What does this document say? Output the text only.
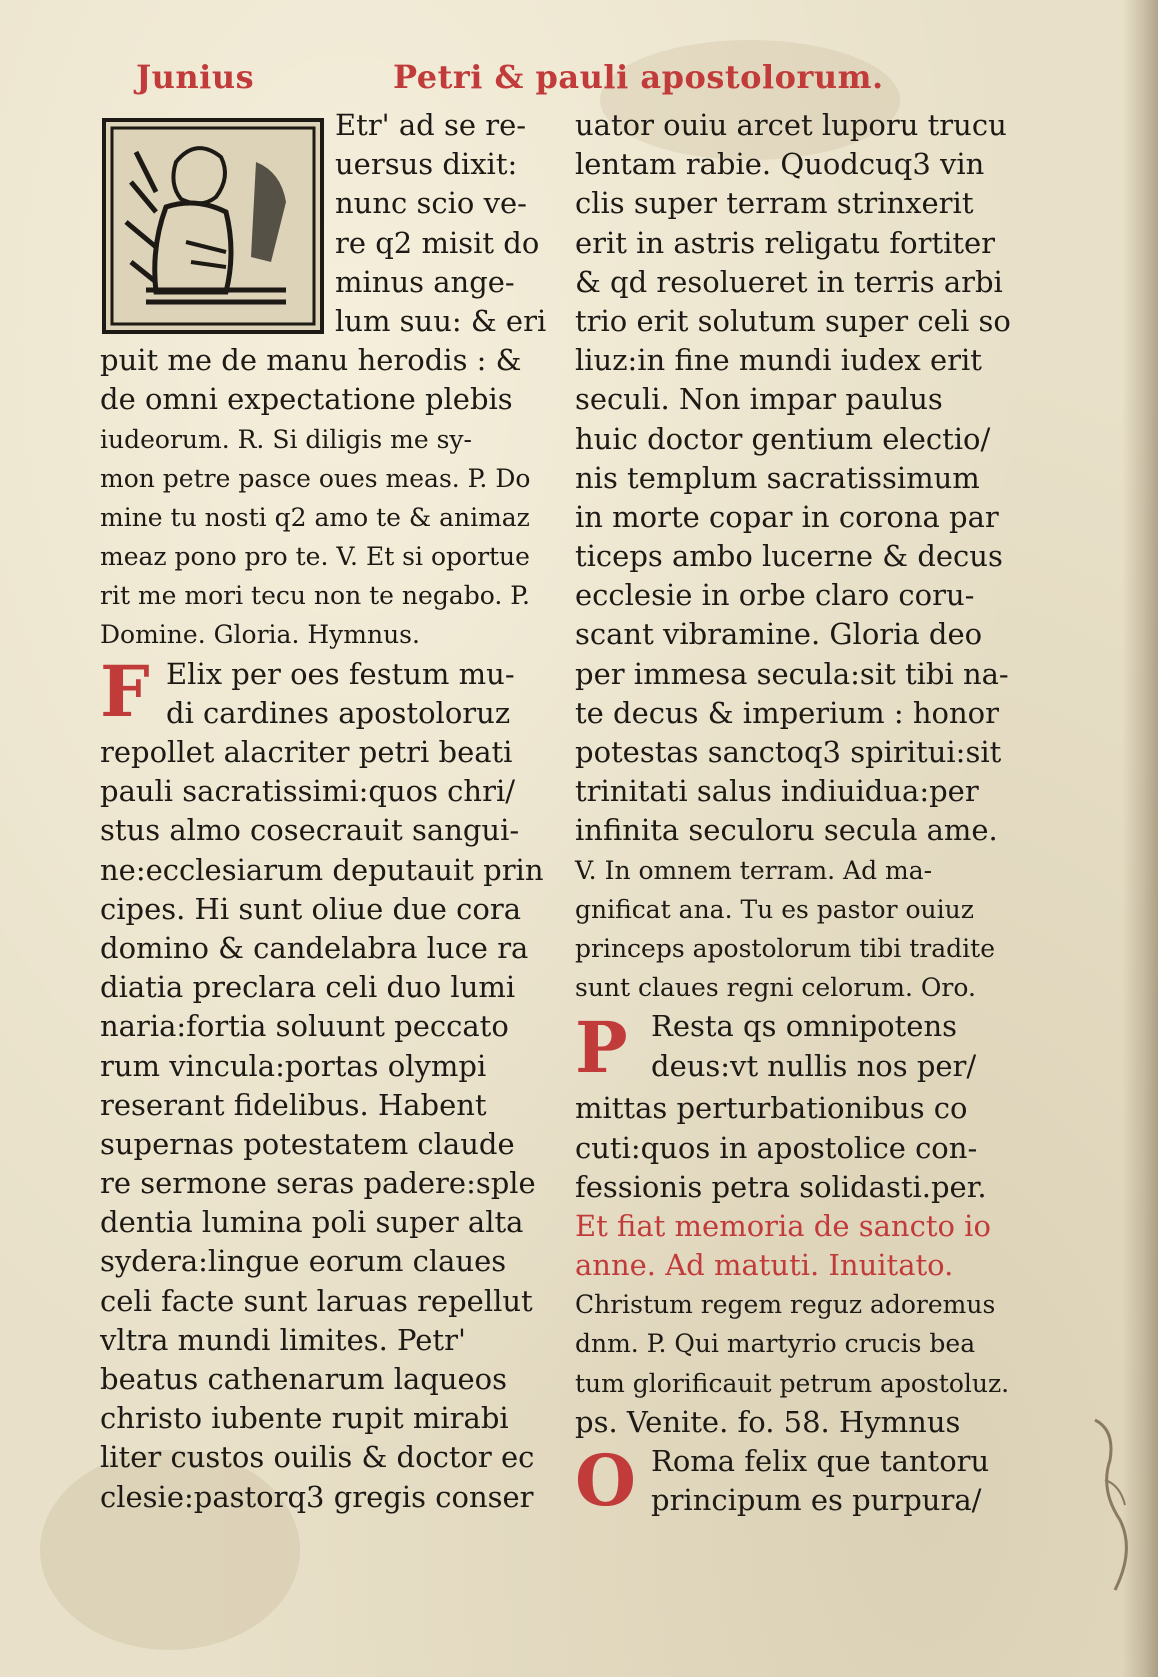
Junius	Petri & pauli apostolorum.
Etr' ad se re-
uersus dixit:
nunc scio ve-
re q2 misit do
minus ange-
lum suu: & eri
puit me de manu herodis : &
de omni expectatione plebis
iudeorum. R. Si diligis me sy-
mon petre pasce oues meas. P. Do
mine tu nosti q2 amo te & animaz
meaz pono pro te. V. Et si oportue
rit me mori tecu non te negabo. P.
Domine. Gloria. Hymnus.
F Elix per oes festum mu-
di cardines apostoloruz
repollet alacriter petri beati
pauli sacratissimi:quos chri/
stus almo cosecrauit sangui-
ne:ecclesiarum deputauit prin
cipes. Hi sunt oliue due cora
domino & candelabra luce ra
diatia preclara celi duo lumi
naria:fortia soluunt peccato
rum vincula:portas olympi
reserant fidelibus. Habent
supernas potestatem claude
re sermone seras padere:sple
dentia lumina poli super alta
sydera:lingue eorum claues
celi facte sunt laruas repellut
vltra mundi limites. Petr'
beatus cathenarum laqueos
christo iubente rupit mirabi
liter custos ouilis & doctor ec
clesie:pastorq3 gregis conser
uator ouiu arcet luporu trucu
lentam rabie. Quodcuq3 vin
clis super terram strinxerit
erit in astris religatu fortiter
& qd resolueret in terris arbi
trio erit solutum super celi so
liuz:in fine mundi iudex erit
seculi. Non impar paulus
huic doctor gentium electio/
nis templum sacratissimum
in morte copar in corona par
ticeps ambo lucerne & decus
ecclesie in orbe claro coru-
scant vibramine. Gloria deo
per immesa secula:sit tibi na-
te decus & imperium : honor
potestas sanctoq3 spiritui:sit
trinitati salus indiuidua:per
infinita seculoru secula ame.
V. In omnem terram. Ad ma-
gnificat ana. Tu es pastor ouiuz
princeps apostolorum tibi tradite
sunt claues regni celorum. Oro.
P Resta qs omnipotens
deus:vt nullis nos per/
mittas perturbationibus co
cuti:quos in apostolice con-
fessionis petra solidasti.per.
Et fiat memoria de sancto io
anne. Ad matuti. Inuitato.
Christum regem reguz adoremus
dnm. P. Qui martyrio crucis bea
tum glorificauit petrum apostoluz.
ps. Venite. fo. 58. Hymnus
O Roma felix que tantoru
principum es purpura/
